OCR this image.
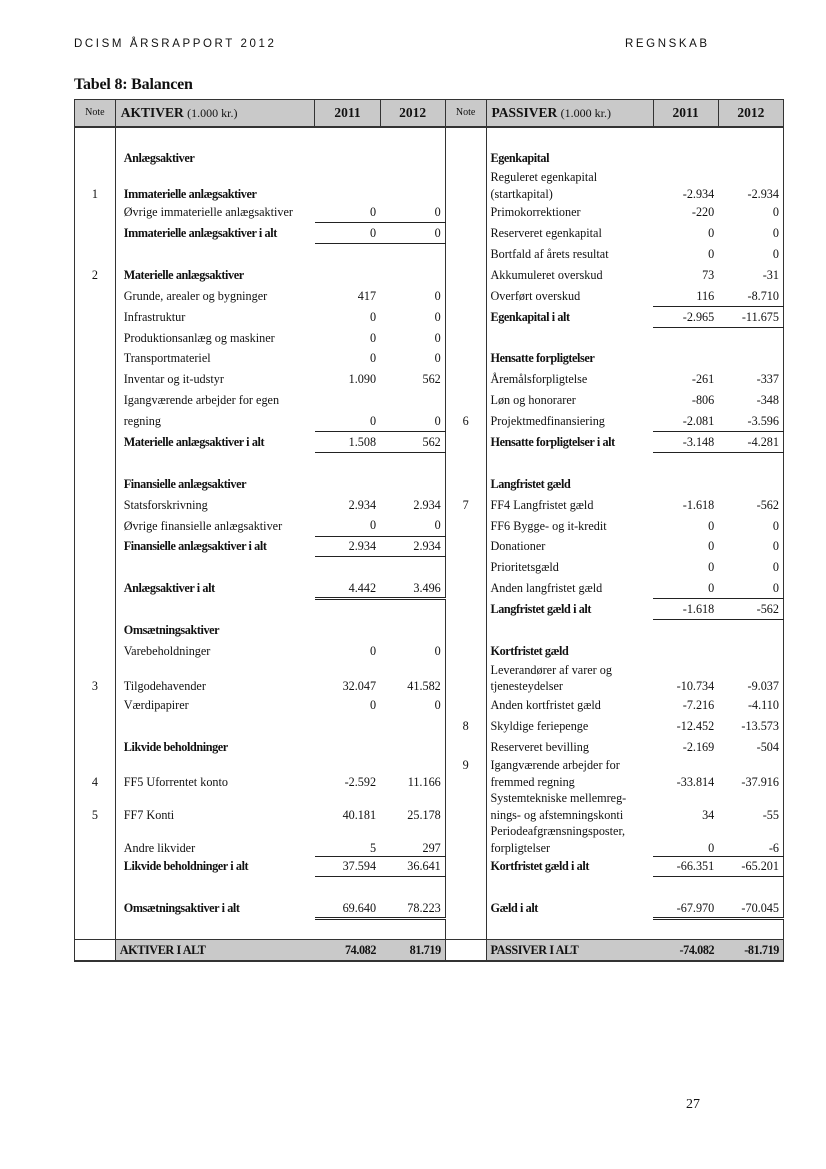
DCISM ÅRSRAPPORT 2012	REGNSKAB
Tabel 8: Balancen
Note	AKTIVER (1.000 kr.)	2011	2012	Note	PASSIVER (1.000 kr.)	2011	2012

	Anlægsaktiver				Egenkapital		
					Reguleret egenkapital		
1	Immaterielle anlægsaktiver				(startkapital)	-2.934	-2.934
	Øvrige immaterielle anlægsaktiver	0	0		Primokorrektioner	-220	0
	Immaterielle anlægsaktiver i alt	0	0		Reserveret egenkapital	0	0
					Bortfald af årets resultat	0	0
2	Materielle anlægsaktiver				Akkumuleret overskud	73	-31
	Grunde, arealer og bygninger	417	0		Overført overskud	116	-8.710
	Infrastruktur	0	0		Egenkapital i alt	-2.965	-11.675
	Produktionsanlæg og maskiner	0	0				
	Transportmateriel	0	0		Hensatte forpligtelser		
	Inventar og it-udstyr	1.090	562		Åremålsforpligtelse	-261	-337
	Igangværende arbejder for egen				Løn og honorarer	-806	-348
	regning	0	0	6	Projektmedfinansiering	-2.081	-3.596
	Materielle anlægsaktiver i alt	1.508	562		Hensatte forpligtelser i alt	-3.148	-4.281

	Finansielle anlægsaktiver				Langfristet gæld		
	Statsforskrivning	2.934	2.934	7	FF4 Langfristet gæld	-1.618	-562
	Øvrige finansielle anlægsaktiver	0	0		FF6 Bygge- og it-kredit	0	0
	Finansielle anlægsaktiver i alt	2.934	2.934		Donationer	0	0
					Prioritetsgæld	0	0
	Anlægsaktiver i alt	4.442	3.496		Anden langfristet gæld	0	0
					Langfristet gæld i alt	-1.618	-562
	Omsætningsaktiver						
	Varebeholdninger	0	0		Kortfristet gæld		
					Leverandører af varer og		
3	Tilgodehavender	32.047	41.582		tjenesteydelser	-10.734	-9.037
	Værdipapirer	0	0		Anden kortfristet gæld	-7.216	-4.110
				8	Skyldige feriepenge	-12.452	-13.573
	Likvide beholdninger				Reserveret bevilling	-2.169	-504
				9	Igangværende arbejder for		
4	FF5 Uforrentet konto	-2.592	11.166		fremmed regning	-33.814	-37.916
					Systemtekniske mellemreg-		
5	FF7 Konti	40.181	25.178		nings- og afstemningskonti	34	-55
					Periodeafgrænsningsposter,		
	Andre likvider	5	297		forpligtelser	0	-6
	Likvide beholdninger i alt	37.594	36.641		Kortfristet gæld i alt	-66.351	-65.201

	Omsætningsaktiver i alt	69.640	78.223		Gæld i alt	-67.970	-70.045

	AKTIVER I ALT	74.082	81.719		PASSIVER I ALT	-74.082	-81.719
27
